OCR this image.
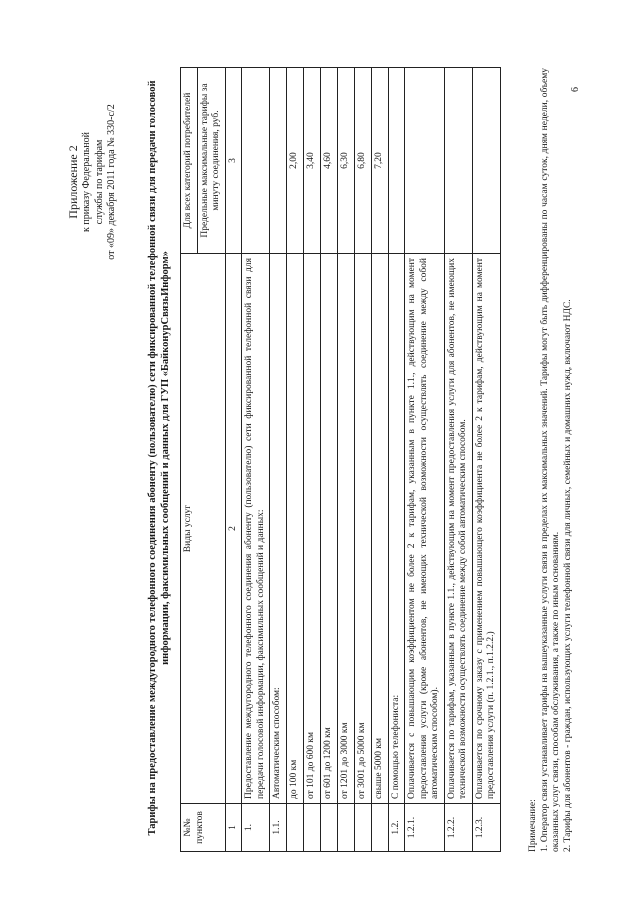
Приложение 2 к приказу Федеральной службы по тарифам от «09» декабря 2011 года № 330-с/2	Тарифы на предоставление междугородного телефонного соединения абоненту (пользователю) сети фиксированной телефонной связи для передачи голосовой информации, факсимильных сообщений и данных для ГУП «БайконурСвязьИнформ»
№№ пунктов	Виды услуг	Для всех категорий потребителей
		Предельные максимальные тарифы за минуту соединения, руб.
1	2	3
1.	Предоставление междугородного телефонного соединения абоненту (пользователю) сети фиксированной телефонной связи для передачи голосовой информации, факсимильных сообщений и данных:	
1.1.	Автоматическим способом:	
	до 100 км	2,00
	от 101 до 600 км	3,40
	от 601 до 1200 км	4,60
	от 1201 до 3000 км	6,30
	от 3001 до 5000 км	6,80
	свыше 5000 км	7,20
1.2.	С помощью телефониста:	
1.2.1.	Оплачивается с повышающим коэффициентом не более 2 к тарифам, указанным в пункте 1.1., действующим на момент предоставления услуги (кроме абонентов, не имеющих технической возможности осуществлять соединение между собой автоматическим способом).	
1.2.2.	Оплачивается по тарифам, указанным в пункте 1.1., действующим на момент предоставления услуги для абонентов, не имеющих технической возможности осуществлять соединение между собой автоматическим способом.	
1.2.3.	Оплачивается по срочному заказу с применением повышающего коэффициента не более 2 к тарифам, действующим на момент предоставления услуги (п. 1.2.1., п.1.2.2.)	

Примечание: 1. Оператор связи устанавливает тарифы на вышеуказанные услуги связи в пределах их максимальных значений. Тарифы могут быть дифференцированы по часам суток, дням недели, объему оказанных услуг связи, способам обслуживания, а также по иным основаниям. 2. Тарифы для абонентов - граждан, использующих услуги телефонной связи для личных, семейных и домашних нужд, включают НДС.

6
